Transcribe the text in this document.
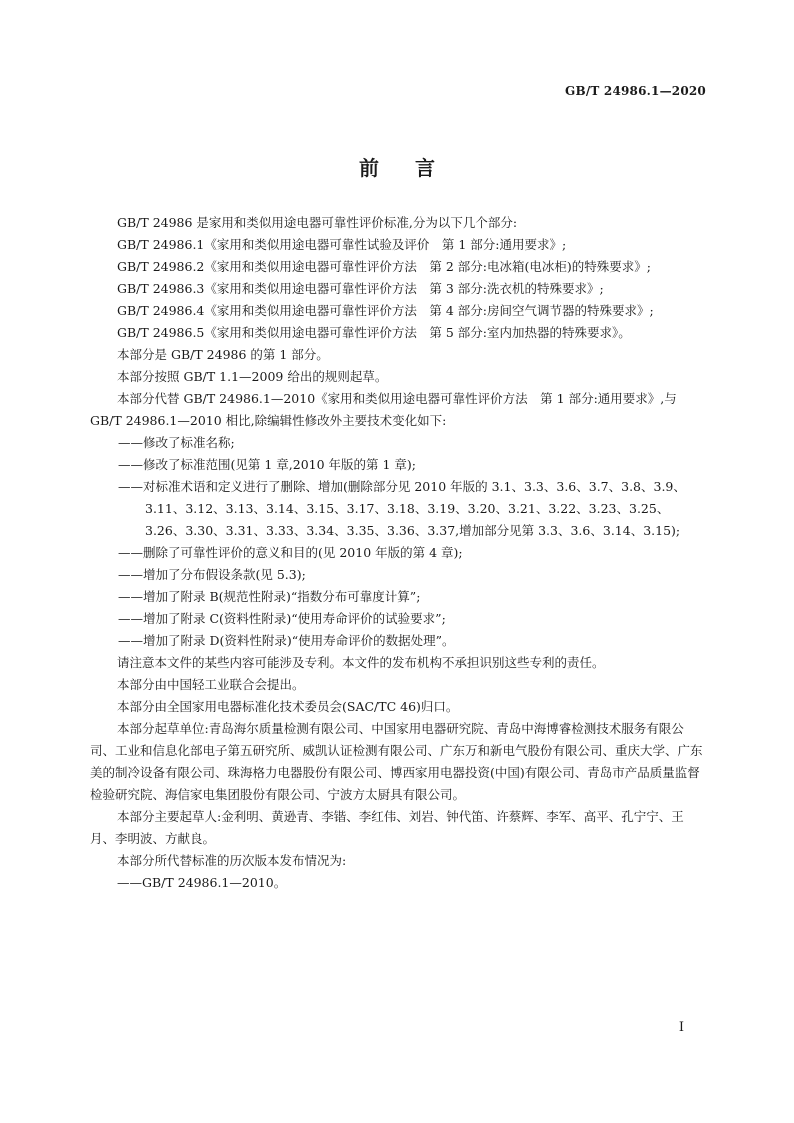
GB/T 24986.1—2020
前言

GB/T 24986 是家用和类似用途电器可靠性评价标准,分为以下几个部分:

GB/T 24986.1《家用和类似用途电器可靠性试验及评价　第 1 部分:通用要求》;

GB/T 24986.2《家用和类似用途电器可靠性评价方法　第 2 部分:电冰箱(电冰柜)的特殊要求》;

GB/T 24986.3《家用和类似用途电器可靠性评价方法　第 3 部分:洗衣机的特殊要求》;

GB/T 24986.4《家用和类似用途电器可靠性评价方法　第 4 部分:房间空气调节器的特殊要求》;

GB/T 24986.5《家用和类似用途电器可靠性评价方法　第 5 部分:室内加热器的特殊要求》。

本部分是 GB/T 24986 的第 1 部分。

本部分按照 GB/T 1.1—2009 给出的规则起草。

本部分代替 GB/T 24986.1—2010《家用和类似用途电器可靠性评价方法　第 1 部分:通用要求》,与 GB/T 24986.1—2010 相比,除编辑性修改外主要技术变化如下:

——修改了标准名称;

——修改了标准范围(见第 1 章,2010 年版的第 1 章);

——对标准术语和定义进行了删除、增加(删除部分见 2010 年版的 3.1、3.3、3.6、3.7、3.8、3.9、3.11、3.12、3.13、3.14、3.15、3.17、3.18、3.19、3.20、3.21、3.22、3.23、3.25、3.26、3.30、3.31、3.33、3.34、3.35、3.36、3.37,增加部分见第 3.3、3.6、3.14、3.15);

——删除了可靠性评价的意义和目的(见 2010 年版的第 4 章);

——增加了分布假设条款(见 5.3);

——增加了附录 B(规范性附录)“指数分布可靠度计算”;

——增加了附录 C(资料性附录)“使用寿命评价的试验要求”;

——增加了附录 D(资料性附录)“使用寿命评价的数据处理”。

请注意本文件的某些内容可能涉及专利。本文件的发布机构不承担识别这些专利的责任。

本部分由中国轻工业联合会提出。

本部分由全国家用电器标准化技术委员会(SAC/TC 46)归口。

本部分起草单位:青岛海尔质量检测有限公司、中国家用电器研究院、青岛中海博睿检测技术服务有限公司、工业和信息化部电子第五研究所、威凯认证检测有限公司、广东万和新电气股份有限公司、重庆大学、广东美的制冷设备有限公司、珠海格力电器股份有限公司、博西家用电器投资(中国)有限公司、青岛市产品质量监督检验研究院、海信家电集团股份有限公司、宁波方太厨具有限公司。

本部分主要起草人:金利明、黄逊青、李锴、李红伟、刘岩、钟代笛、许蔡辉、李军、高平、孔宁宁、王月、李明波、方献良。

本部分所代替标准的历次版本发布情况为:

——GB/T 24986.1—2010。

I
